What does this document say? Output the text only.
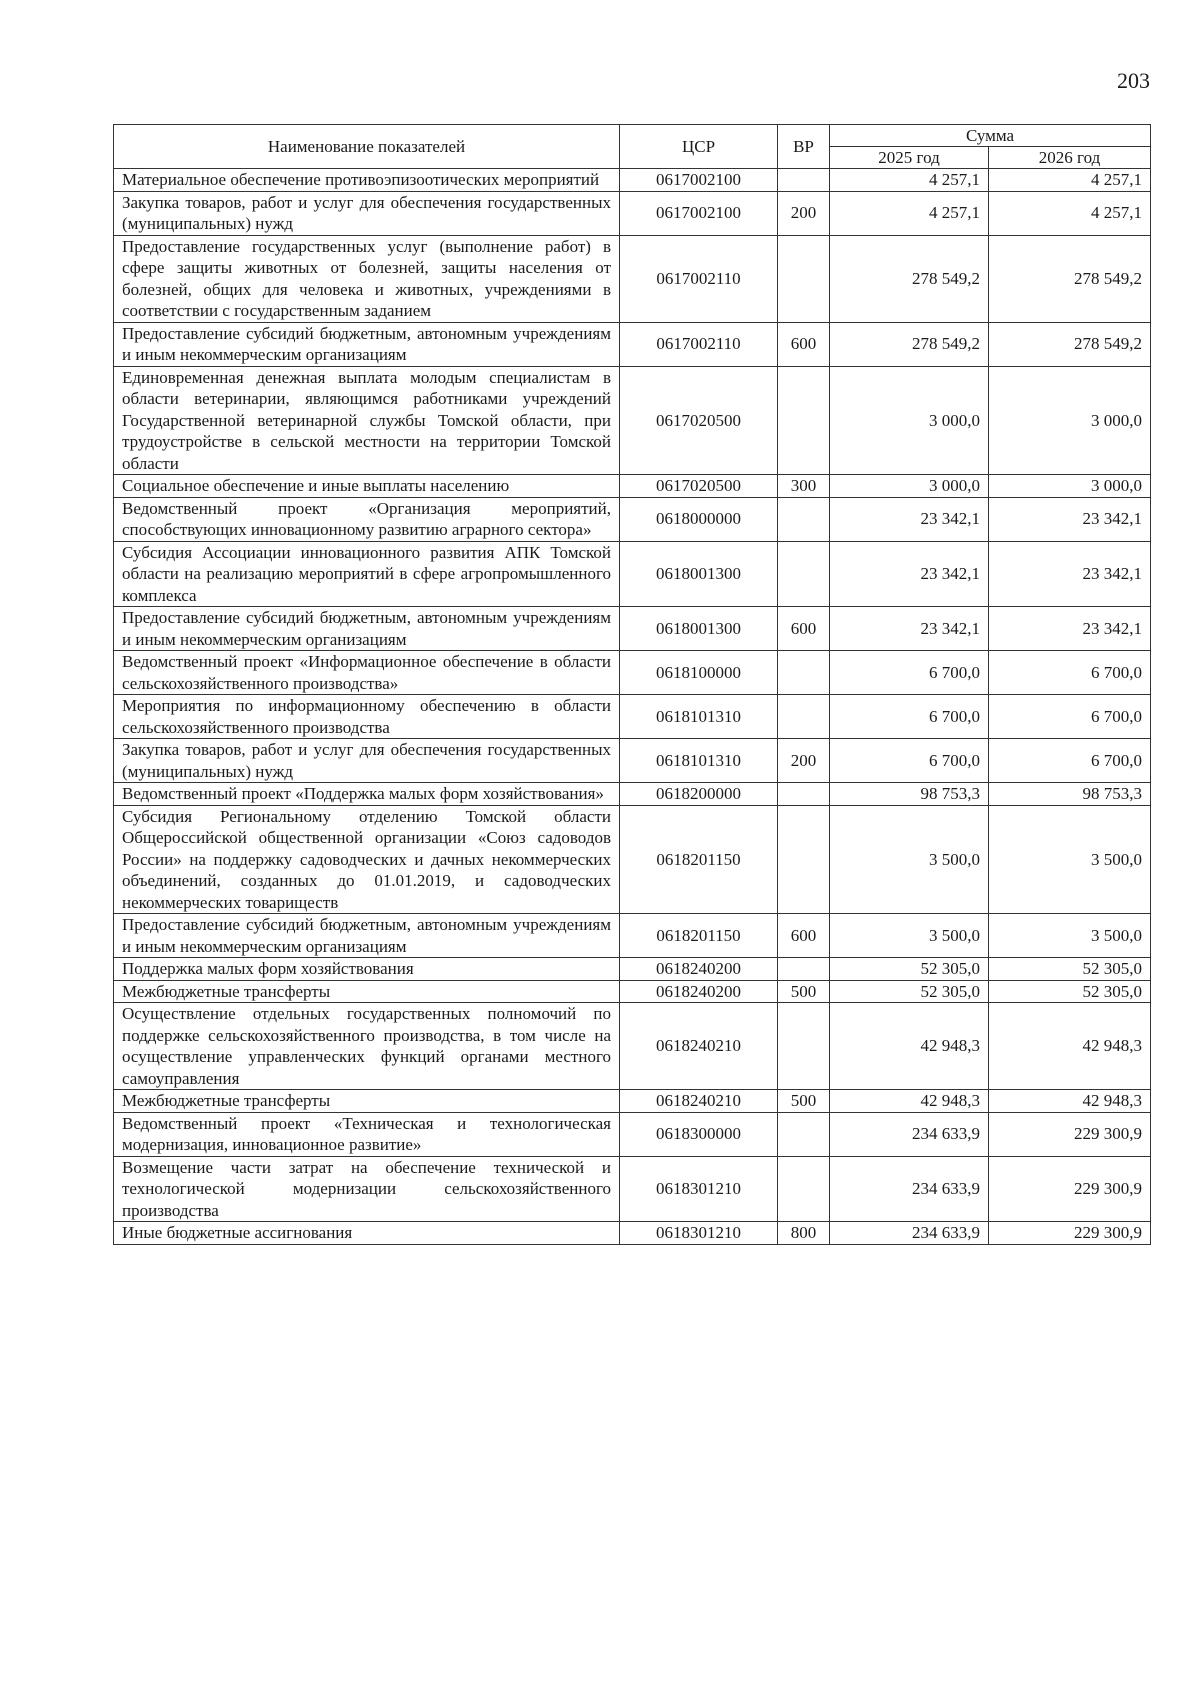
203
Наименование показателей	ЦСР	ВР	Сумма	
			2025 год	2026 год
Материальное обеспечение противоэпизоотических мероприятий	0617002100		4 257,1	4 257,1
Закупка товаров, работ и услуг для обеспечения государственных (муниципальных) нужд	0617002100	200	4 257,1	4 257,1
Предоставление государственных услуг (выполнение работ) в сфере защиты животных от болезней, защиты населения от болезней, общих для человека и животных, учреждениями в соответствии с государственным заданием	0617002110		278 549,2	278 549,2
Предоставление субсидий бюджетным, автономным учреждениям и иным некоммерческим организациям	0617002110	600	278 549,2	278 549,2
Единовременная денежная выплата молодым специалистам в области ветеринарии, являющимся работниками учреждений Государственной ветеринарной службы Томской области, при трудоустройстве в сельской местности на территории Томской области	0617020500		3 000,0	3 000,0
Социальное обеспечение и иные выплаты населению	0617020500	300	3 000,0	3 000,0
Ведомственный проект «Организация мероприятий, способствующих инновационному развитию аграрного сектора»	0618000000		23 342,1	23 342,1
Субсидия Ассоциации инновационного развития АПК Томской области на реализацию мероприятий в сфере агропромышленного комплекса	0618001300		23 342,1	23 342,1
Предоставление субсидий бюджетным, автономным учреждениям и иным некоммерческим организациям	0618001300	600	23 342,1	23 342,1
Ведомственный проект «Информационное обеспечение в области сельскохозяйственного производства»	0618100000		6 700,0	6 700,0
Мероприятия по информационному обеспечению в области сельскохозяйственного производства	0618101310		6 700,0	6 700,0
Закупка товаров, работ и услуг для обеспечения государственных (муниципальных) нужд	0618101310	200	6 700,0	6 700,0
Ведомственный проект «Поддержка малых форм хозяйствования»	0618200000		98 753,3	98 753,3
Субсидия Региональному отделению Томской области Общероссийской общественной организации «Союз садоводов России» на поддержку садоводческих и дачных некоммерческих объединений, созданных до 01.01.2019, и садоводческих некоммерческих товариществ	0618201150		3 500,0	3 500,0
Предоставление субсидий бюджетным, автономным учреждениям и иным некоммерческим организациям	0618201150	600	3 500,0	3 500,0
Поддержка малых форм хозяйствования	0618240200		52 305,0	52 305,0
Межбюджетные трансферты	0618240200	500	52 305,0	52 305,0
Осуществление отдельных государственных полномочий по поддержке сельскохозяйственного производства, в том числе на осуществление управленческих функций органами местного самоуправления	0618240210		42 948,3	42 948,3
Межбюджетные трансферты	0618240210	500	42 948,3	42 948,3
Ведомственный проект «Техническая и технологическая модернизация, инновационное развитие»	0618300000		234 633,9	229 300,9
Возмещение части затрат на обеспечение технической и технологической модернизации сельскохозяйственного производства	0618301210		234 633,9	229 300,9
Иные бюджетные ассигнования	0618301210	800	234 633,9	229 300,9
